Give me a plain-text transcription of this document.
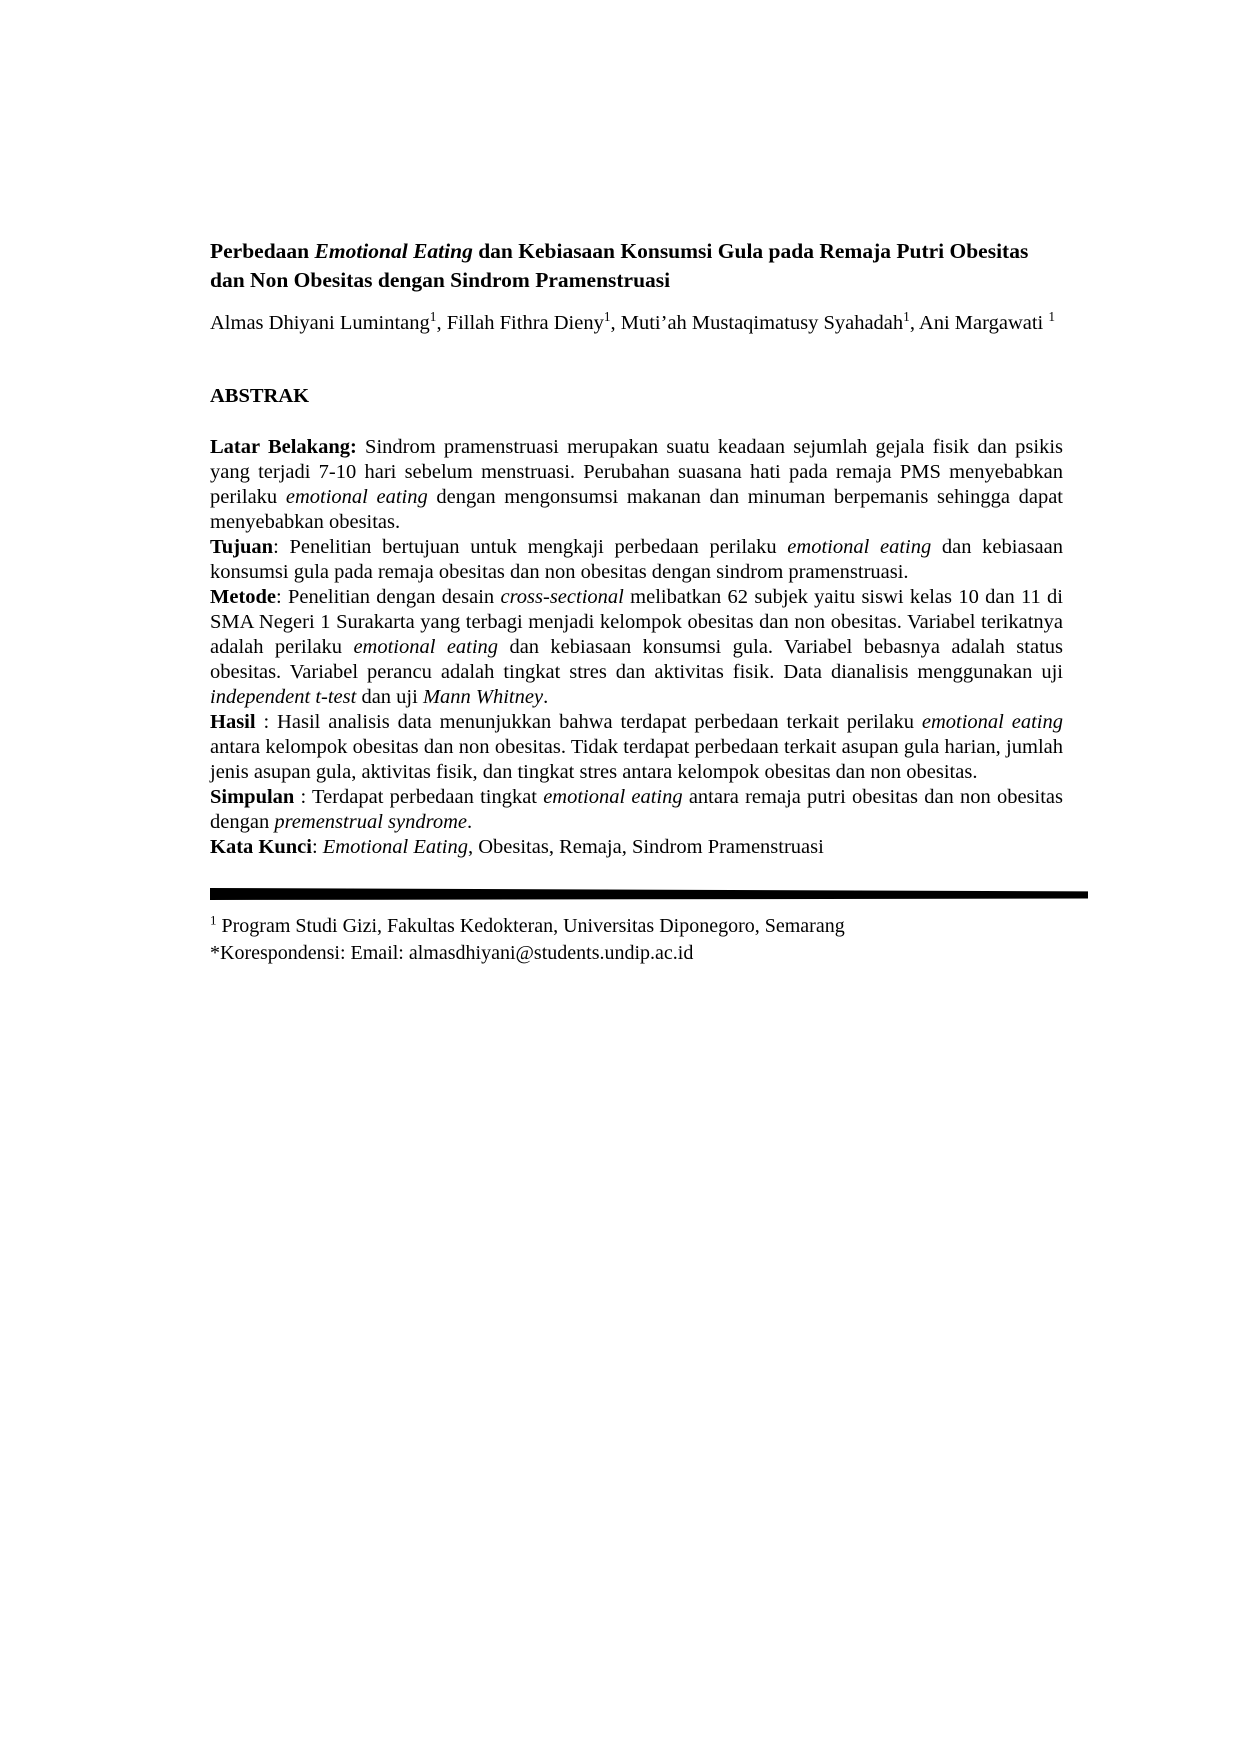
Perbedaan Emotional Eating dan Kebiasaan Konsumsi Gula pada Remaja Putri Obesitas dan Non Obesitas dengan Sindrom Pramenstruasi
Almas Dhiyani Lumintang$^1$, Fillah Fithra Dieny$^1$, Muti’ah Mustaqimatusy Syahadah$^1$, Ani Margawati $^1$
ABSTRAK

Latar Belakang: Sindrom pramenstruasi merupakan suatu keadaan sejumlah gejala fisik dan psikis yang terjadi 7-10 hari sebelum menstruasi. Perubahan suasana hati pada remaja PMS menyebabkan perilaku emotional eating dengan mengonsumsi makanan dan minuman berpemanis sehingga dapat menyebabkan obesitas.

Tujuan: Penelitian bertujuan untuk mengkaji perbedaan perilaku emotional eating dan kebiasaan konsumsi gula pada remaja obesitas dan non obesitas dengan sindrom pramenstruasi.

Metode: Penelitian dengan desain cross-sectional melibatkan 62 subjek yaitu siswi kelas 10 dan 11 di SMA Negeri 1 Surakarta yang terbagi menjadi kelompok obesitas dan non obesitas. Variabel terikatnya adalah perilaku emotional eating dan kebiasaan konsumsi gula. Variabel bebasnya adalah status obesitas. Variabel perancu adalah tingkat stres dan aktivitas fisik. Data dianalisis menggunakan uji independent t-test dan uji Mann Whitney.

Hasil : Hasil analisis data menunjukkan bahwa terdapat perbedaan terkait perilaku emotional eating antara kelompok obesitas dan non obesitas. Tidak terdapat perbedaan terkait asupan gula harian, jumlah jenis asupan gula, aktivitas fisik, dan tingkat stres antara kelompok obesitas dan non obesitas.

Simpulan : Terdapat perbedaan tingkat emotional eating antara remaja putri obesitas dan non obesitas dengan premenstrual syndrome.

Kata Kunci: Emotional Eating, Obesitas, Remaja, Sindrom Pramenstruasi

$^1$ Program Studi Gizi, Fakultas Kedokteran, Universitas Diponegoro, Semarang

*Korespondensi: Email: almasdhiyani@students.undip.ac.id
